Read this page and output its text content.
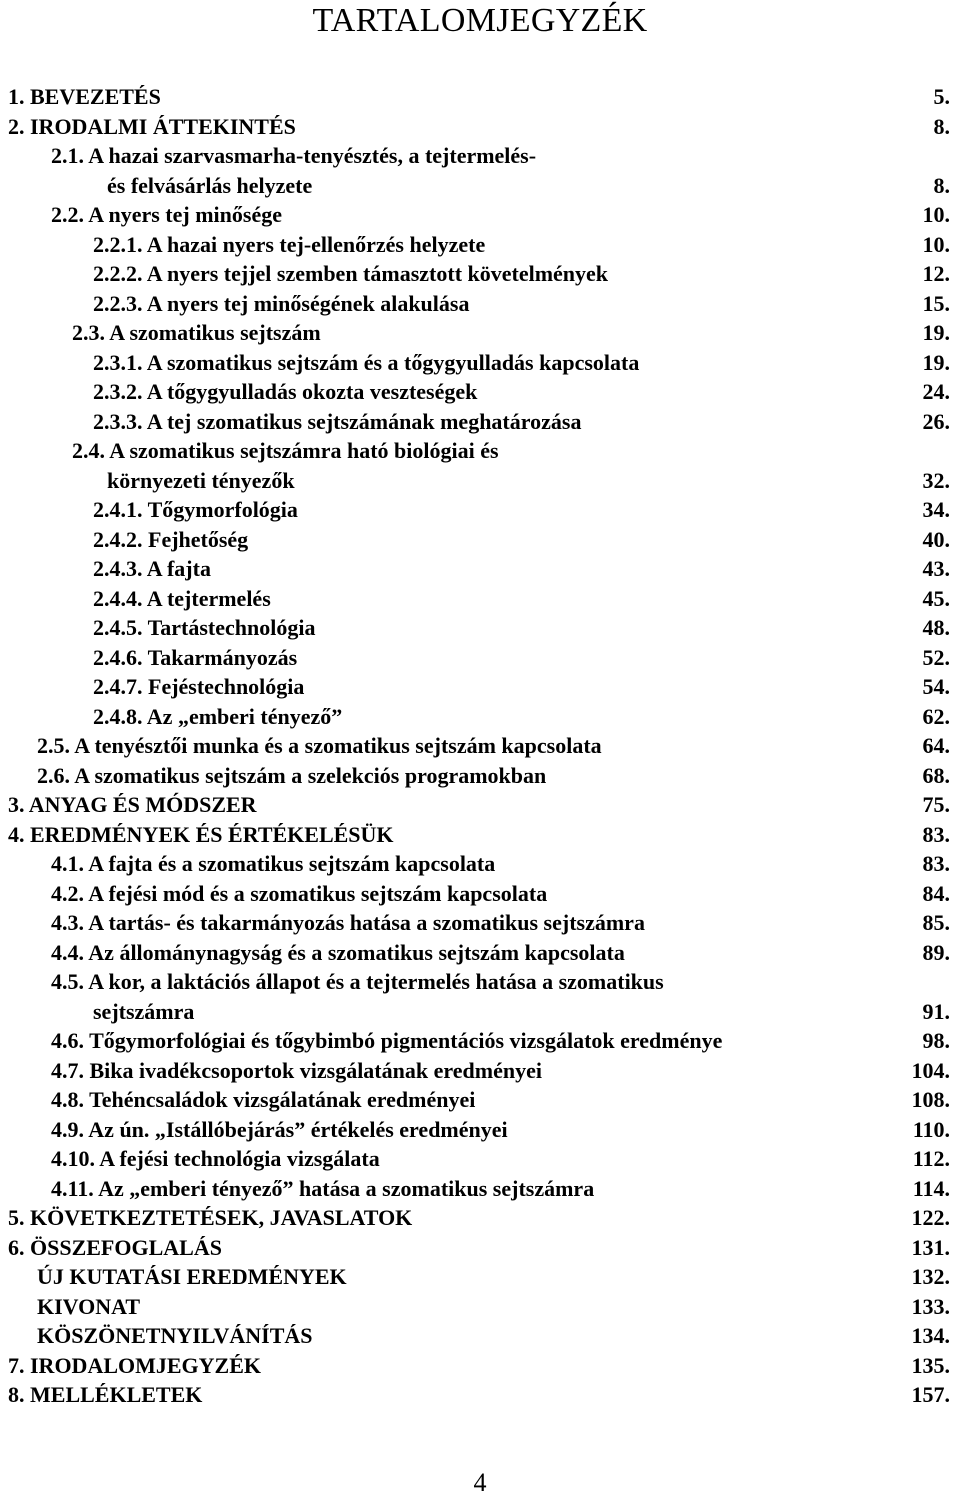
TARTALOMJEGYZÉK
1. BEVEZETÉS	5.
2. IRODALMI ÁTTEKINTÉS	8.
2.1. A hazai szarvasmarha-tenyésztés, a tejtermelés-
és felvásárlás helyzete	8.
2.2. A nyers tej minősége	10.
2.2.1. A hazai nyers tej-ellenőrzés helyzete	10.
2.2.2. A nyers tejjel szemben támasztott követelmények	12.
2.2.3. A nyers tej minőségének alakulása	15.
2.3. A szomatikus sejtszám	19.
2.3.1. A szomatikus sejtszám és a tőgygyulladás kapcsolata	19.
2.3.2. A tőgygyulladás okozta veszteségek	24.
2.3.3. A tej szomatikus sejtszámának meghatározása	26.
2.4. A szomatikus sejtszámra ható biológiai és
környezeti tényezők	32.
2.4.1. Tőgymorfológia	34.
2.4.2. Fejhetőség	40.
2.4.3. A fajta	43.
2.4.4. A tejtermelés	45.
2.4.5. Tartástechnológia	48.
2.4.6. Takarmányozás	52.
2.4.7. Fejéstechnológia	54.
2.4.8. Az „emberi tényező”	62.
2.5. A tenyésztői munka és a szomatikus sejtszám kapcsolata	64.
2.6. A szomatikus sejtszám a szelekciós programokban	68.
3. ANYAG ÉS MÓDSZER	75.
4. EREDMÉNYEK ÉS ÉRTÉKELÉSÜK	83.
4.1. A fajta és a szomatikus sejtszám kapcsolata	83.
4.2. A fejési mód és a szomatikus sejtszám kapcsolata	84.
4.3. A tartás- és takarmányozás hatása a szomatikus sejtszámra	85.
4.4. Az állománynagyság és a szomatikus sejtszám kapcsolata	89.
4.5. A kor, a laktációs állapot és a tejtermelés hatása a szomatikus
sejtszámra	91.
4.6. Tőgymorfológiai és tőgybimbó pigmentációs vizsgálatok eredménye	98.
4.7. Bika ivadékcsoportok vizsgálatának eredményei	104.
4.8. Tehéncsaládok vizsgálatának eredményei	108.
4.9. Az ún. „Istállóbejárás” értékelés eredményei	110.
4.10. A fejési technológia vizsgálata	112.
4.11. Az „emberi tényező” hatása a szomatikus sejtszámra	114.
5. KÖVETKEZTETÉSEK, JAVASLATOK	122.
6. ÖSSZEFOGLALÁS	131.
ÚJ KUTATÁSI EREDMÉNYEK	132.
KIVONAT	133.
KÖSZÖNETNYILVÁNÍTÁS	134.
7. IRODALOMJEGYZÉK	135.
8. MELLÉKLETEK	157.
4
